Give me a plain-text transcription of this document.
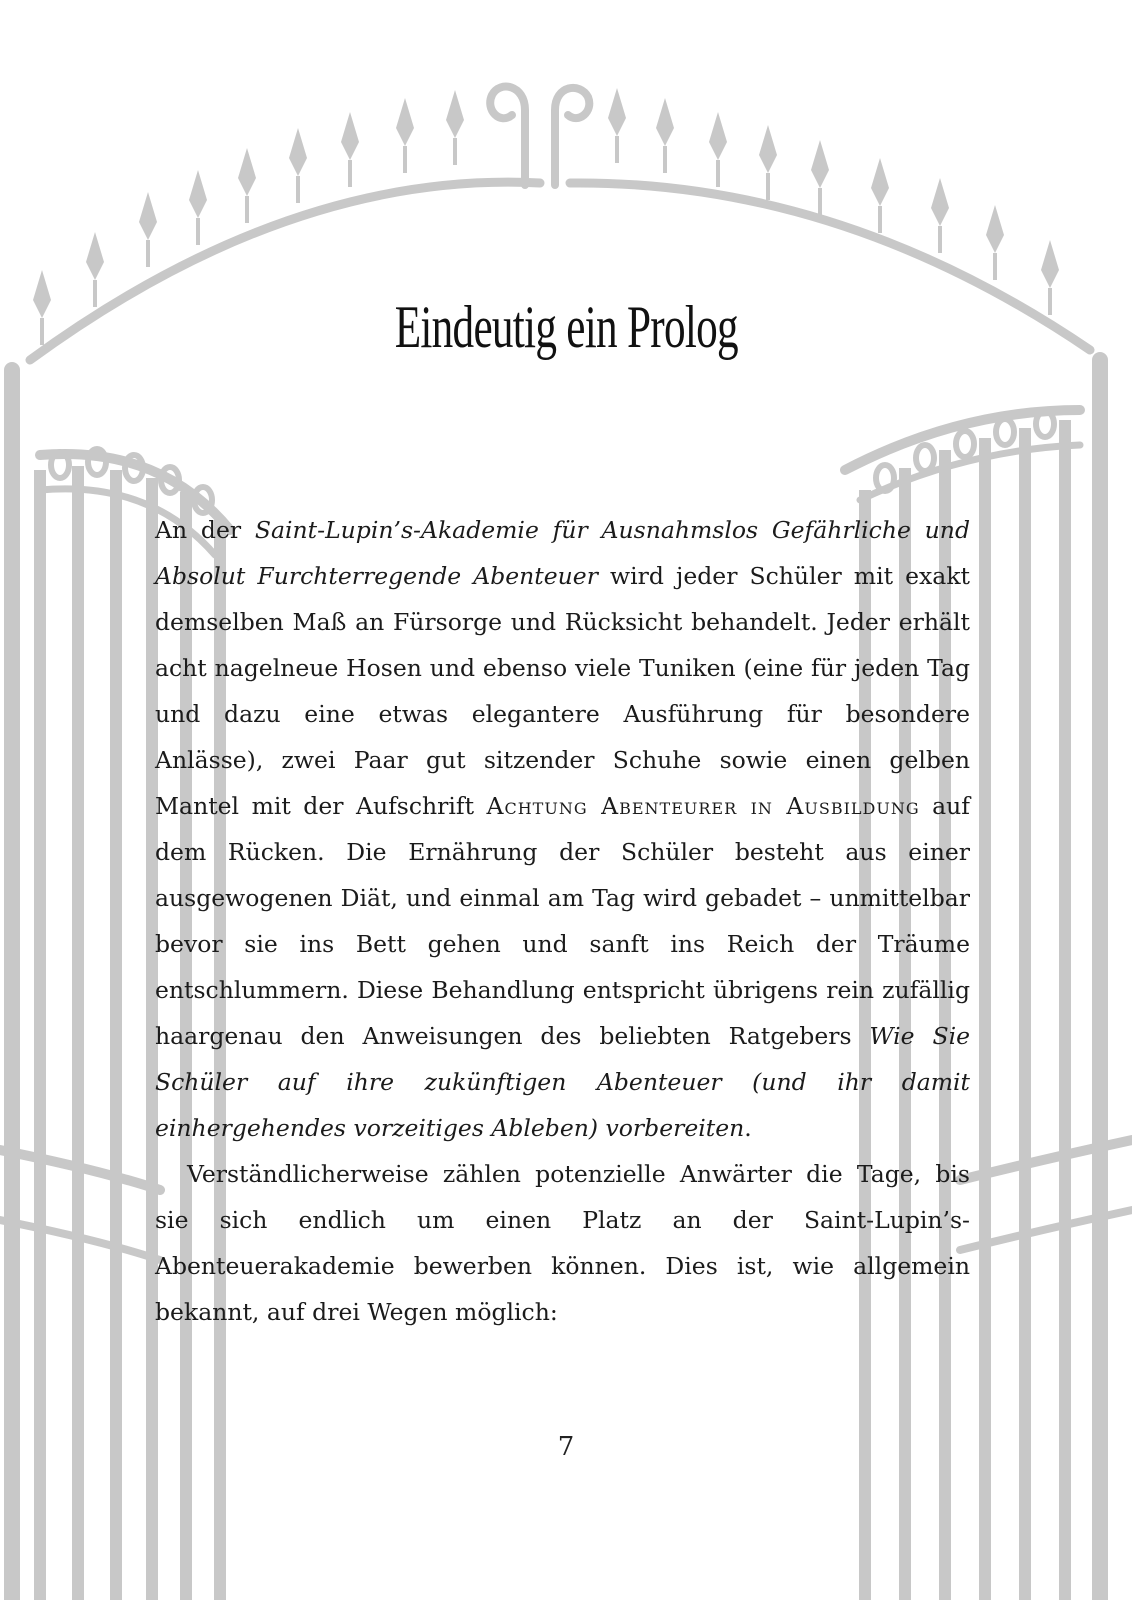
Eindeutig ein Prolog

An der Saint-Lupin’s-Akademie für Ausnahmslos Gefährliche und Absolut Furchterregende Abenteuer wird jeder Schüler mit exakt demselben Maß an Fürsorge und Rücksicht behandelt. Jeder erhält acht nagelneue Hosen und ebenso viele Tuniken (eine für jeden Tag und dazu eine etwas elegantere Ausführung für besondere Anlässe), zwei Paar gut sitzender Schuhe sowie einen gelben Mantel mit der Aufschrift Achtung Abenteurer in Ausbildung auf dem Rücken. Die Ernährung der Schüler besteht aus einer ausgewogenen Diät, und einmal am Tag wird gebadet – unmittelbar bevor sie ins Bett gehen und sanft ins Reich der Träume entschlummern. Diese Behandlung entspricht übrigens rein zufällig haargenau den Anweisungen des beliebten Ratgebers Wie Sie Schüler auf ihre zukünftigen Abenteuer (und ihr damit einhergehendes vorzeitiges Ableben) vorbereiten.

Verständlicherweise zählen potenzielle Anwärter die Tage, bis sie sich endlich um einen Platz an der Saint-Lupin’s-Abenteuerakademie bewerben können. Dies ist, wie allgemein bekannt, auf drei Wegen möglich:

7
